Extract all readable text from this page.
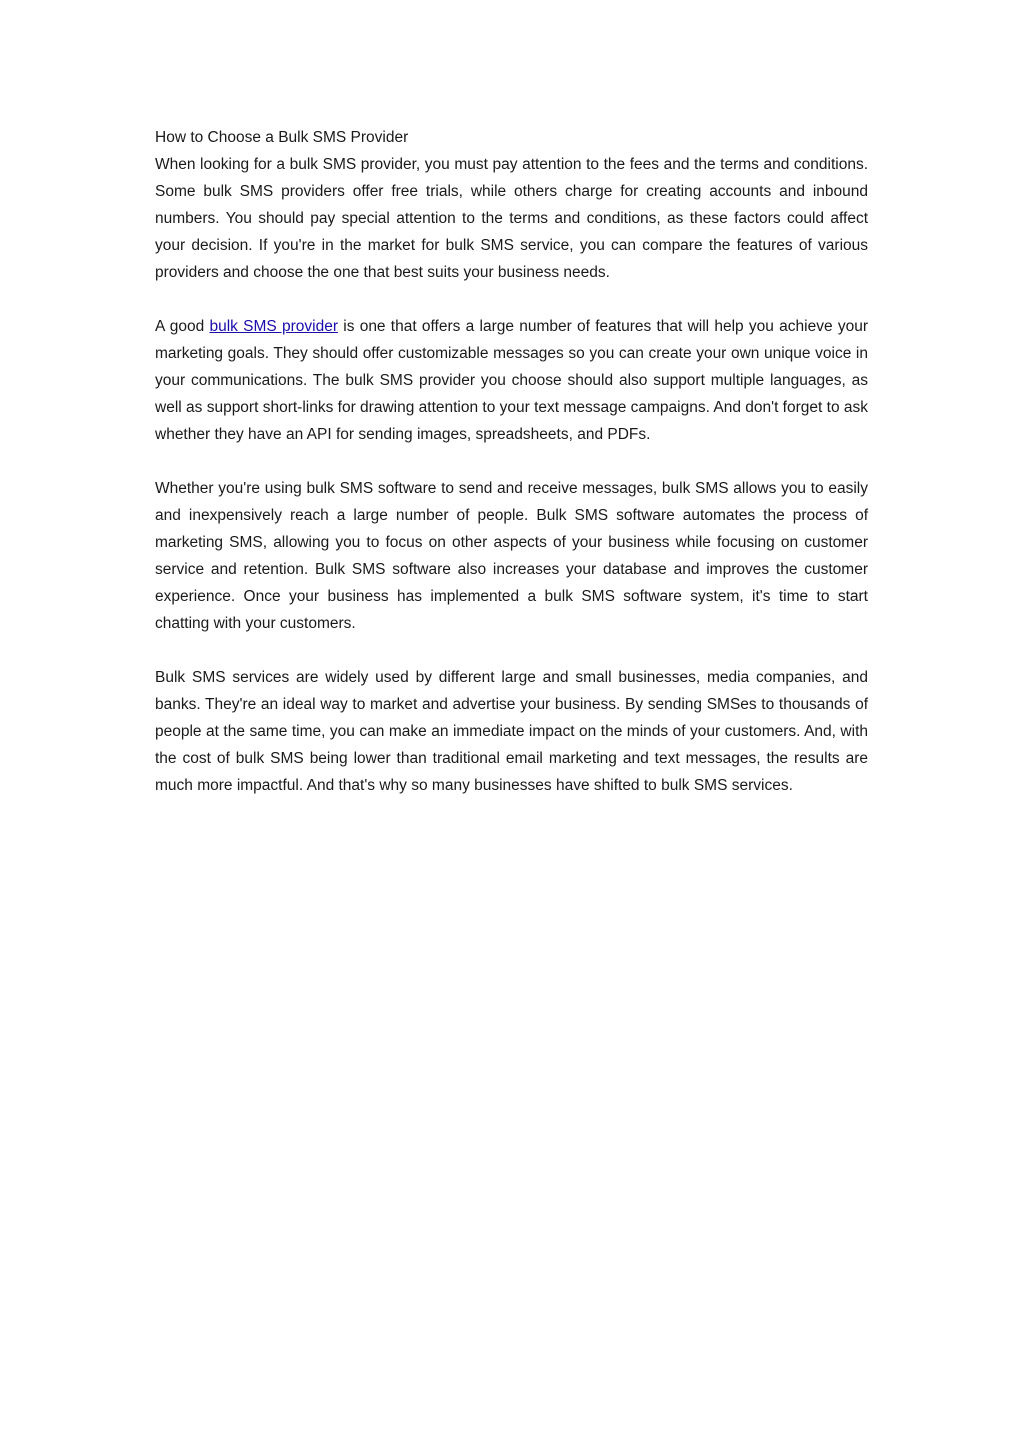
How to Choose a Bulk SMS Provider

When looking for a bulk SMS provider, you must pay attention to the fees and the terms and conditions. Some bulk SMS providers offer free trials, while others charge for creating accounts and inbound numbers. You should pay special attention to the terms and conditions, as these factors could affect your decision. If you're in the market for bulk SMS service, you can compare the features of various providers and choose the one that best suits your business needs.

A good bulk SMS provider is one that offers a large number of features that will help you achieve your marketing goals. They should offer customizable messages so you can create your own unique voice in your communications. The bulk SMS provider you choose should also support multiple languages, as well as support short-links for drawing attention to your text message campaigns. And don't forget to ask whether they have an API for sending images, spreadsheets, and PDFs.

Whether you're using bulk SMS software to send and receive messages, bulk SMS allows you to easily and inexpensively reach a large number of people. Bulk SMS software automates the process of marketing SMS, allowing you to focus on other aspects of your business while focusing on customer service and retention. Bulk SMS software also increases your database and improves the customer experience. Once your business has implemented a bulk SMS software system, it's time to start chatting with your customers.

Bulk SMS services are widely used by different large and small businesses, media companies, and banks. They're an ideal way to market and advertise your business. By sending SMSes to thousands of people at the same time, you can make an immediate impact on the minds of your customers. And, with the cost of bulk SMS being lower than traditional email marketing and text messages, the results are much more impactful. And that's why so many businesses have shifted to bulk SMS services.
